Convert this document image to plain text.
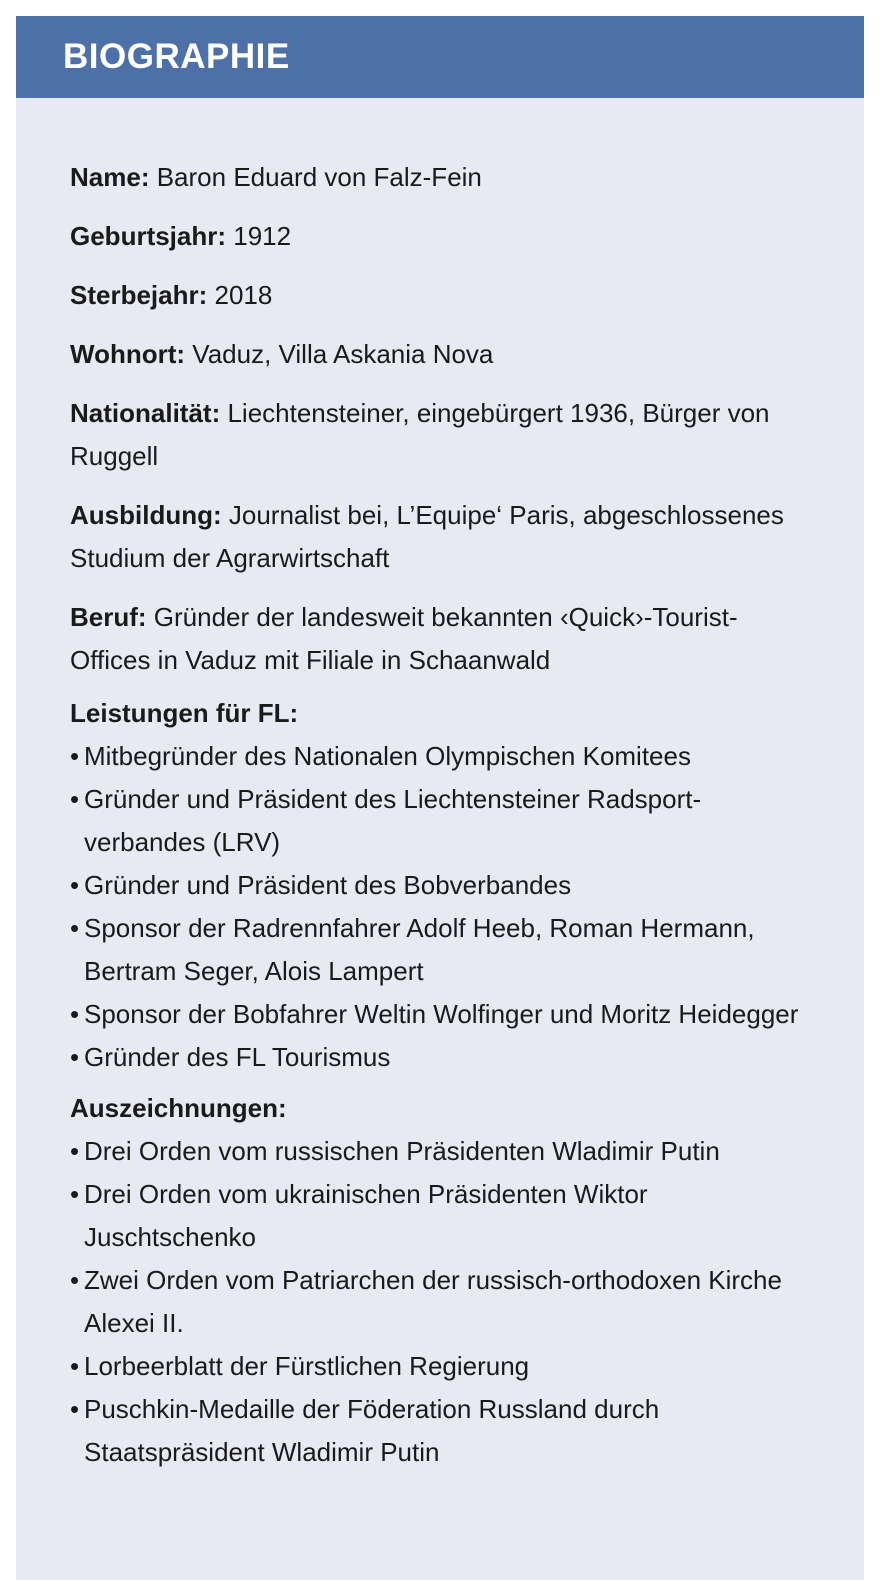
BIOGRAPHIE

Name: Baron Eduard von Falz-Fein

Geburtsjahr: 1912

Sterbejahr: 2018

Wohnort: Vaduz, Villa Askania Nova

Nationalität: Liechtensteiner, eingebürgert 1936, Bürger von Ruggell

Ausbildung: Journalist bei, L’Equipe‘ Paris, abgeschlossenes Studium der Agrarwirtschaft

Beruf: Gründer der landesweit bekannten ‹Quick›-Tourist-Offices in Vaduz mit Filiale in Schaanwald

Leistungen für FL:

• Mitbegründer des Nationalen Olympischen Komitees
• Gründer und Präsident des Liechtensteiner Radsport-verbandes (LRV)
• Gründer und Präsident des Bobverbandes
• Sponsor der Radrennfahrer Adolf Heeb, Roman Hermann, Bertram Seger, Alois Lampert
• Sponsor der Bobfahrer Weltin Wolfinger und Moritz Heidegger
• Gründer des FL Tourismus

Auszeichnungen:

• Drei Orden vom russischen Präsidenten Wladimir Putin
• Drei Orden vom ukrainischen Präsidenten Wiktor Juschtschenko
• Zwei Orden vom Patriarchen der russisch-orthodoxen Kirche Alexei II.
• Lorbeerblatt der Fürstlichen Regierung
• Puschkin-Medaille der Föderation Russland durch Staatspräsident Wladimir Putin
